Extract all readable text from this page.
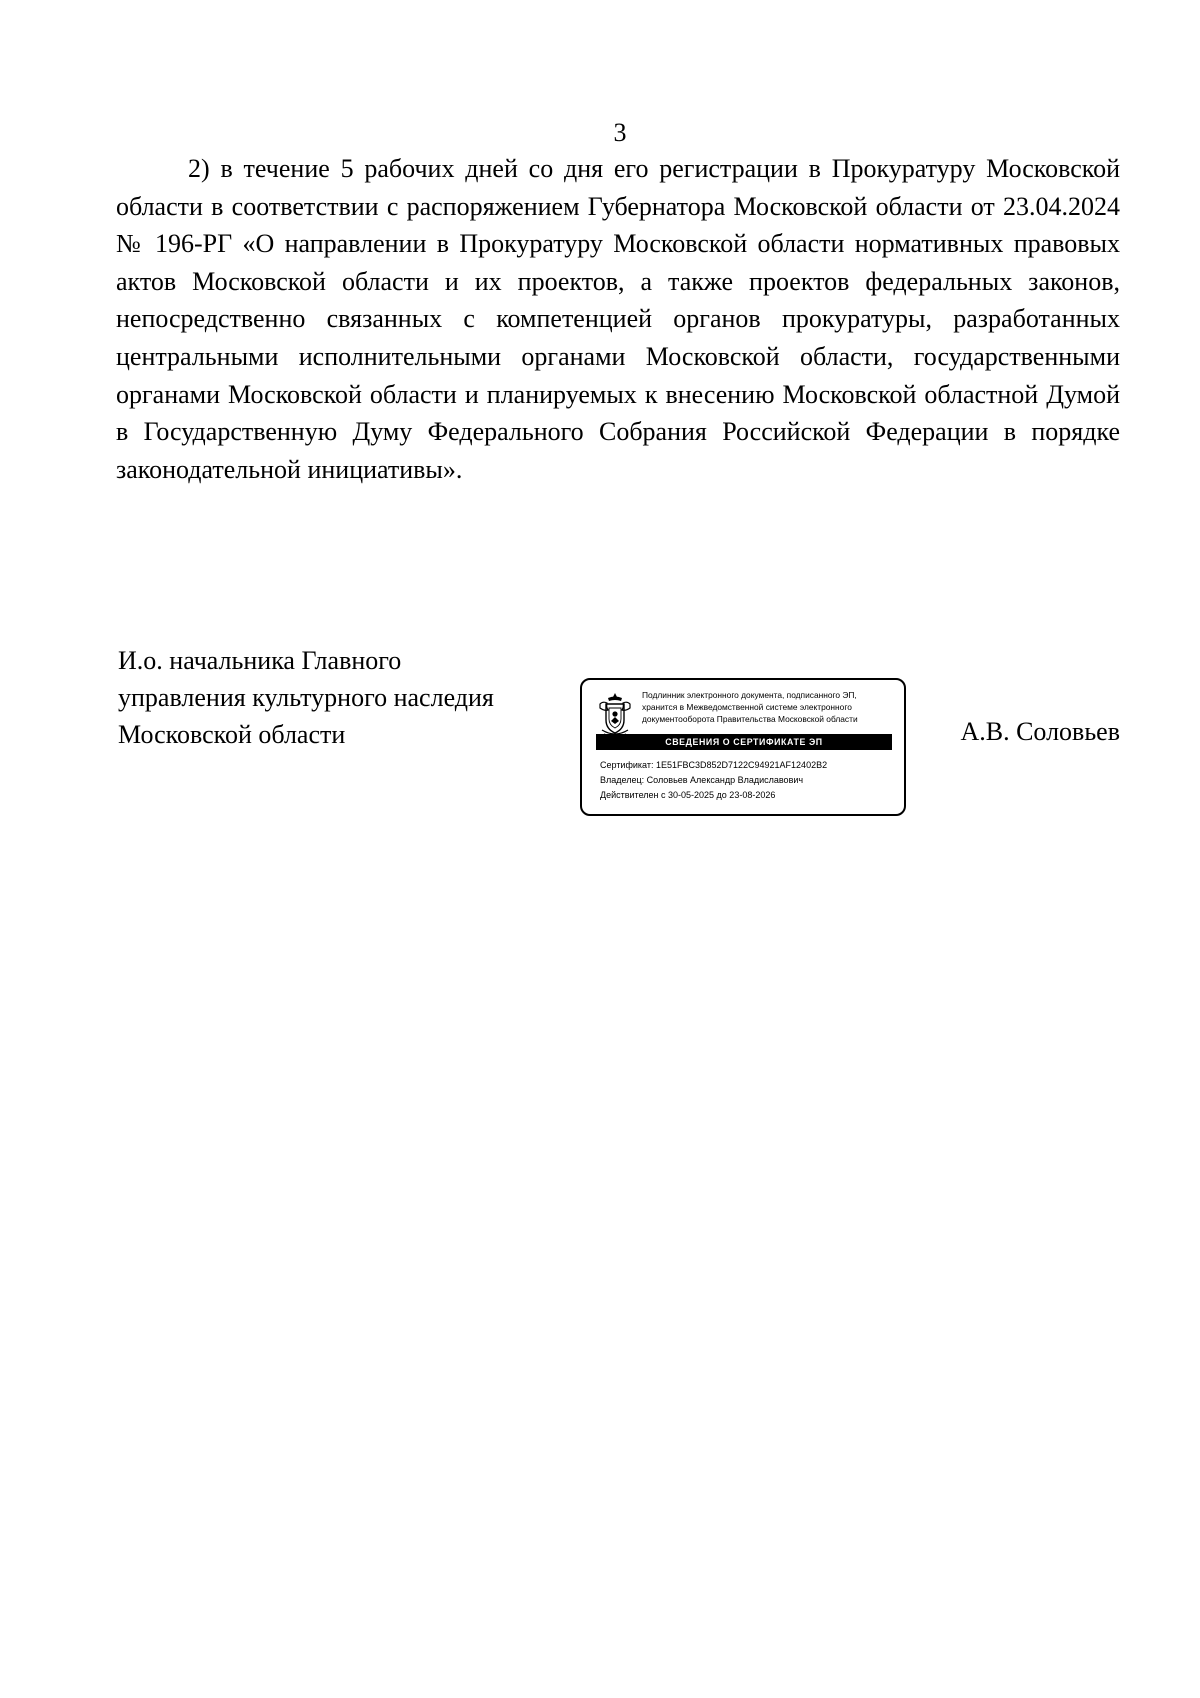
3

2) в течение 5 рабочих дней со дня его регистрации в Прокуратуру Московской области в соответствии с распоряжением Губернатора Московской области от 23.04.2024 № 196-РГ «О направлении в Прокуратуру Московской области нормативных правовых актов Московской области и их проектов, а также проектов федеральных законов, непосредственно связанных с компетенцией органов прокуратуры, разработанных центральными исполнительными органами Московской области, государственными органами Московской области и планируемых к внесению Московской областной Думой в Государственную Думу Федерального Собрания Российской Федерации в порядке законодательной инициативы».

И.о. начальника Главного
управления культурного наследия
Московской области	А.В. Соловьев
Подлинник электронного документа, подписанного ЭП,
хранится в Межведомственной системе электронного
документооборота Правительства Московской области
СВЕДЕНИЯ О СЕРТИФИКАТЕ ЭП
Сертификат: 1E51FBC3D852D7122C94921AF12402B2
Владелец: Соловьев Александр Владиславович
Действителен с 30-05-2025 до 23-08-2026
